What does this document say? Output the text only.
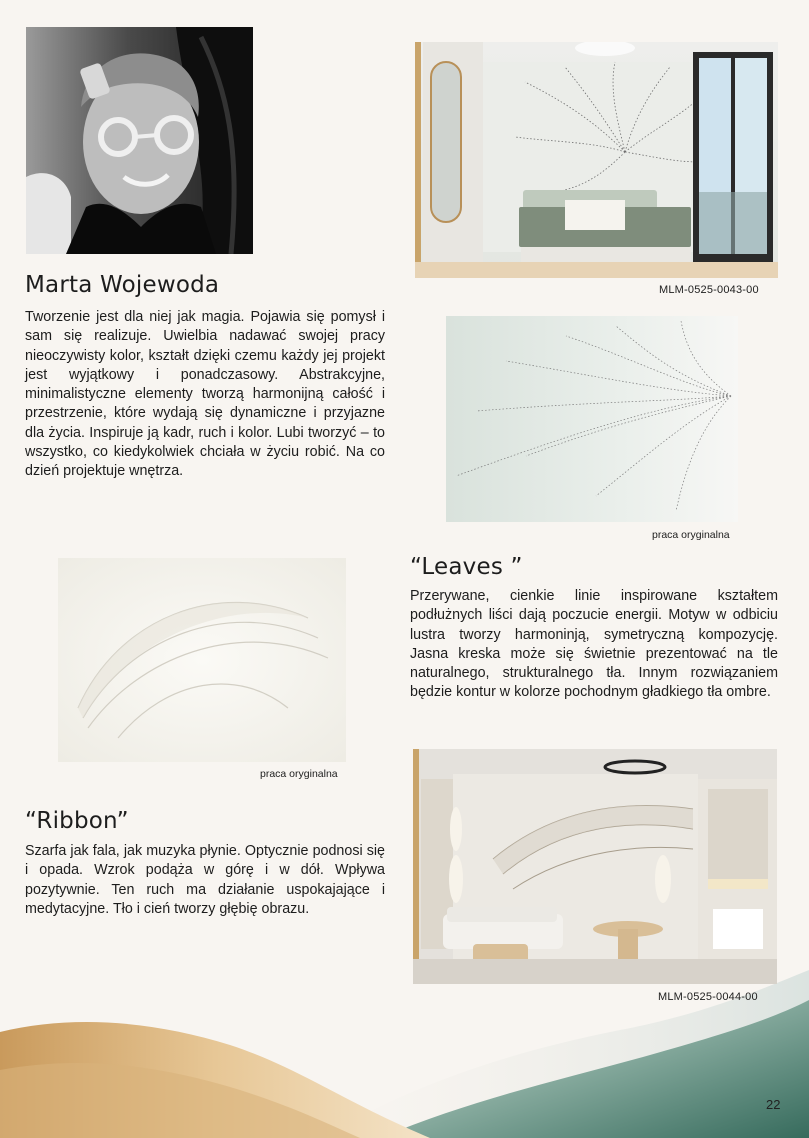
Marta Wojewoda

Tworzenie jest dla niej jak magia. Pojawia się pomysł i sam się realizuje. Uwielbia nadawać swojej pracy nieoczywisty kolor, kształt dzięki czemu każdy jej projekt jest wyjątkowy i ponadczasowy. Abstrakcyjne, minimalistyczne elementy tworzą harmonijną całość i przestrzenie, które wydają się dynamiczne i przyjazne dla życia. Inspiruje ją kadr, ruch i kolor. Lubi tworzyć – to wszystko, co kiedykolwiek chciała w życiu robić. Na co dzień projektuje wnętrza.

MLM-0525-0043-00
praca oryginalna
“Leaves ”

Przerywane, cienkie linie inspirowane kształtem podłużnych liści dają poczucie energii. Motyw w odbiciu lustra tworzy harmoninją, symetryczną kompozycję. Jasna kreska może się świetnie prezentować na tle naturalnego, strukturalnego tła. Innym rozwiązaniem będzie kontur w kolorze pochodnym gładkiego tła ombre.

praca oryginalna
“Ribbon”

Szarfa jak fala, jak muzyka płynie. Optycznie podnosi się i opada. Wzrok podąża w górę i w dół. Wpływa pozytywnie. Ten ruch ma działanie uspokajające i medytacyjne. Tło i cień tworzy głębię obrazu.

MLM-0525-0044-00
22
